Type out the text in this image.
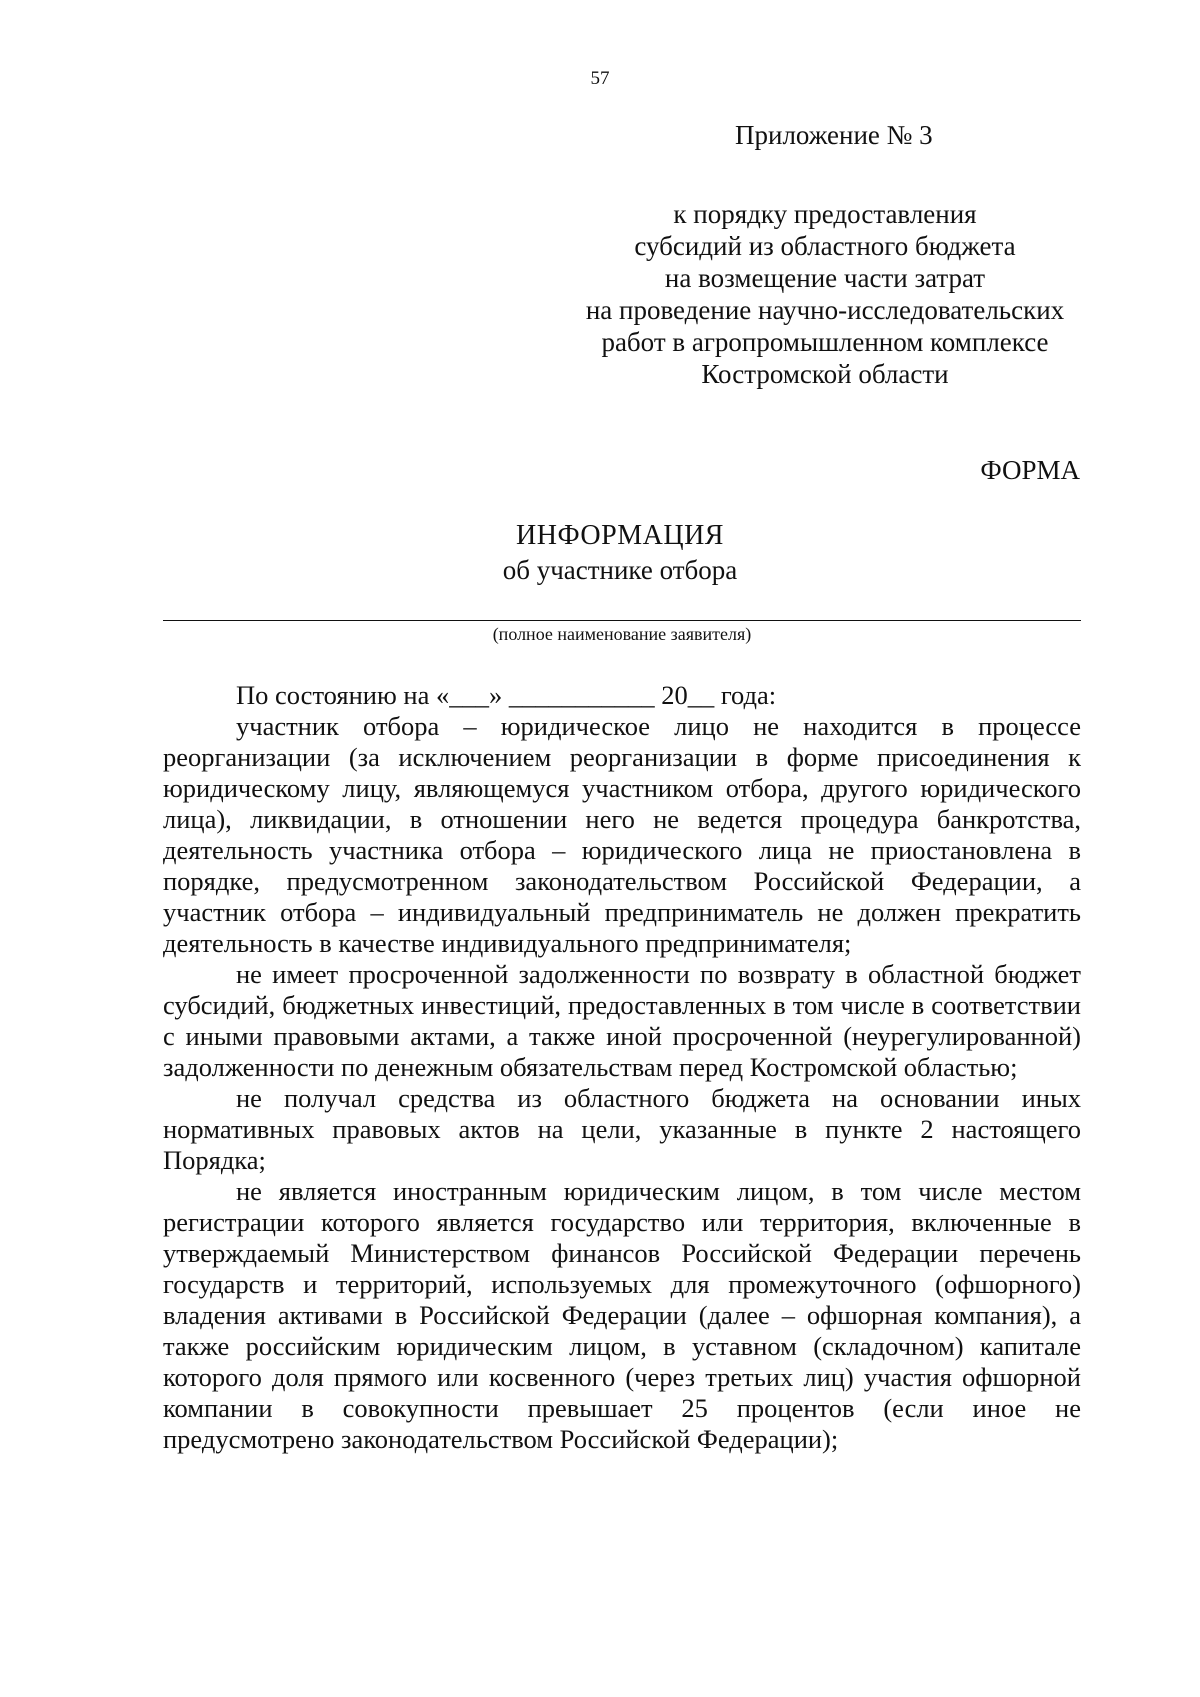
57
Приложение № 3
к порядку предоставления
субсидий из областного бюджета
на возмещение части затрат
на проведение научно-исследовательских
работ в агропромышленном комплексе
Костромской области
ФОРМА
ИНФОРМАЦИЯ
об участнике отбора
(полное наименование заявителя)
По состоянию на «___» ___________ 20__ года:

участник отбора – юридическое лицо не находится в процессе реорганизации (за исключением реорганизации в форме присоединения к юридическому лицу, являющемуся участником отбора, другого юридического лица), ликвидации, в отношении него не ведется процедура банкротства, деятельность участника отбора – юридического лица не приостановлена в порядке, предусмотренном законодательством Российской Федерации, а участник отбора – индивидуальный предприниматель не должен прекратить деятельность в качестве индивидуального предпринимателя;

не имеет просроченной задолженности по возврату в областной бюджет субсидий, бюджетных инвестиций, предоставленных в том числе в соответствии с иными правовыми актами, а также иной просроченной (неурегулированной) задолженности по денежным обязательствам перед Костромской областью;

не получал средства из областного бюджета на основании иных нормативных правовых актов на цели, указанные в пункте 2 настоящего Порядка;

не является иностранным юридическим лицом, в том числе местом регистрации которого является государство или территория, включенные в утверждаемый Министерством финансов Российской Федерации перечень государств и территорий, используемых для промежуточного (офшорного) владения активами в Российской Федерации (далее – офшорная компания), а также российским юридическим лицом, в уставном (складочном) капитале которого доля прямого или косвенного (через третьих лиц) участия офшорной компании в совокупности превышает 25 процентов (если иное не предусмотрено законодательством Российской Федерации);
